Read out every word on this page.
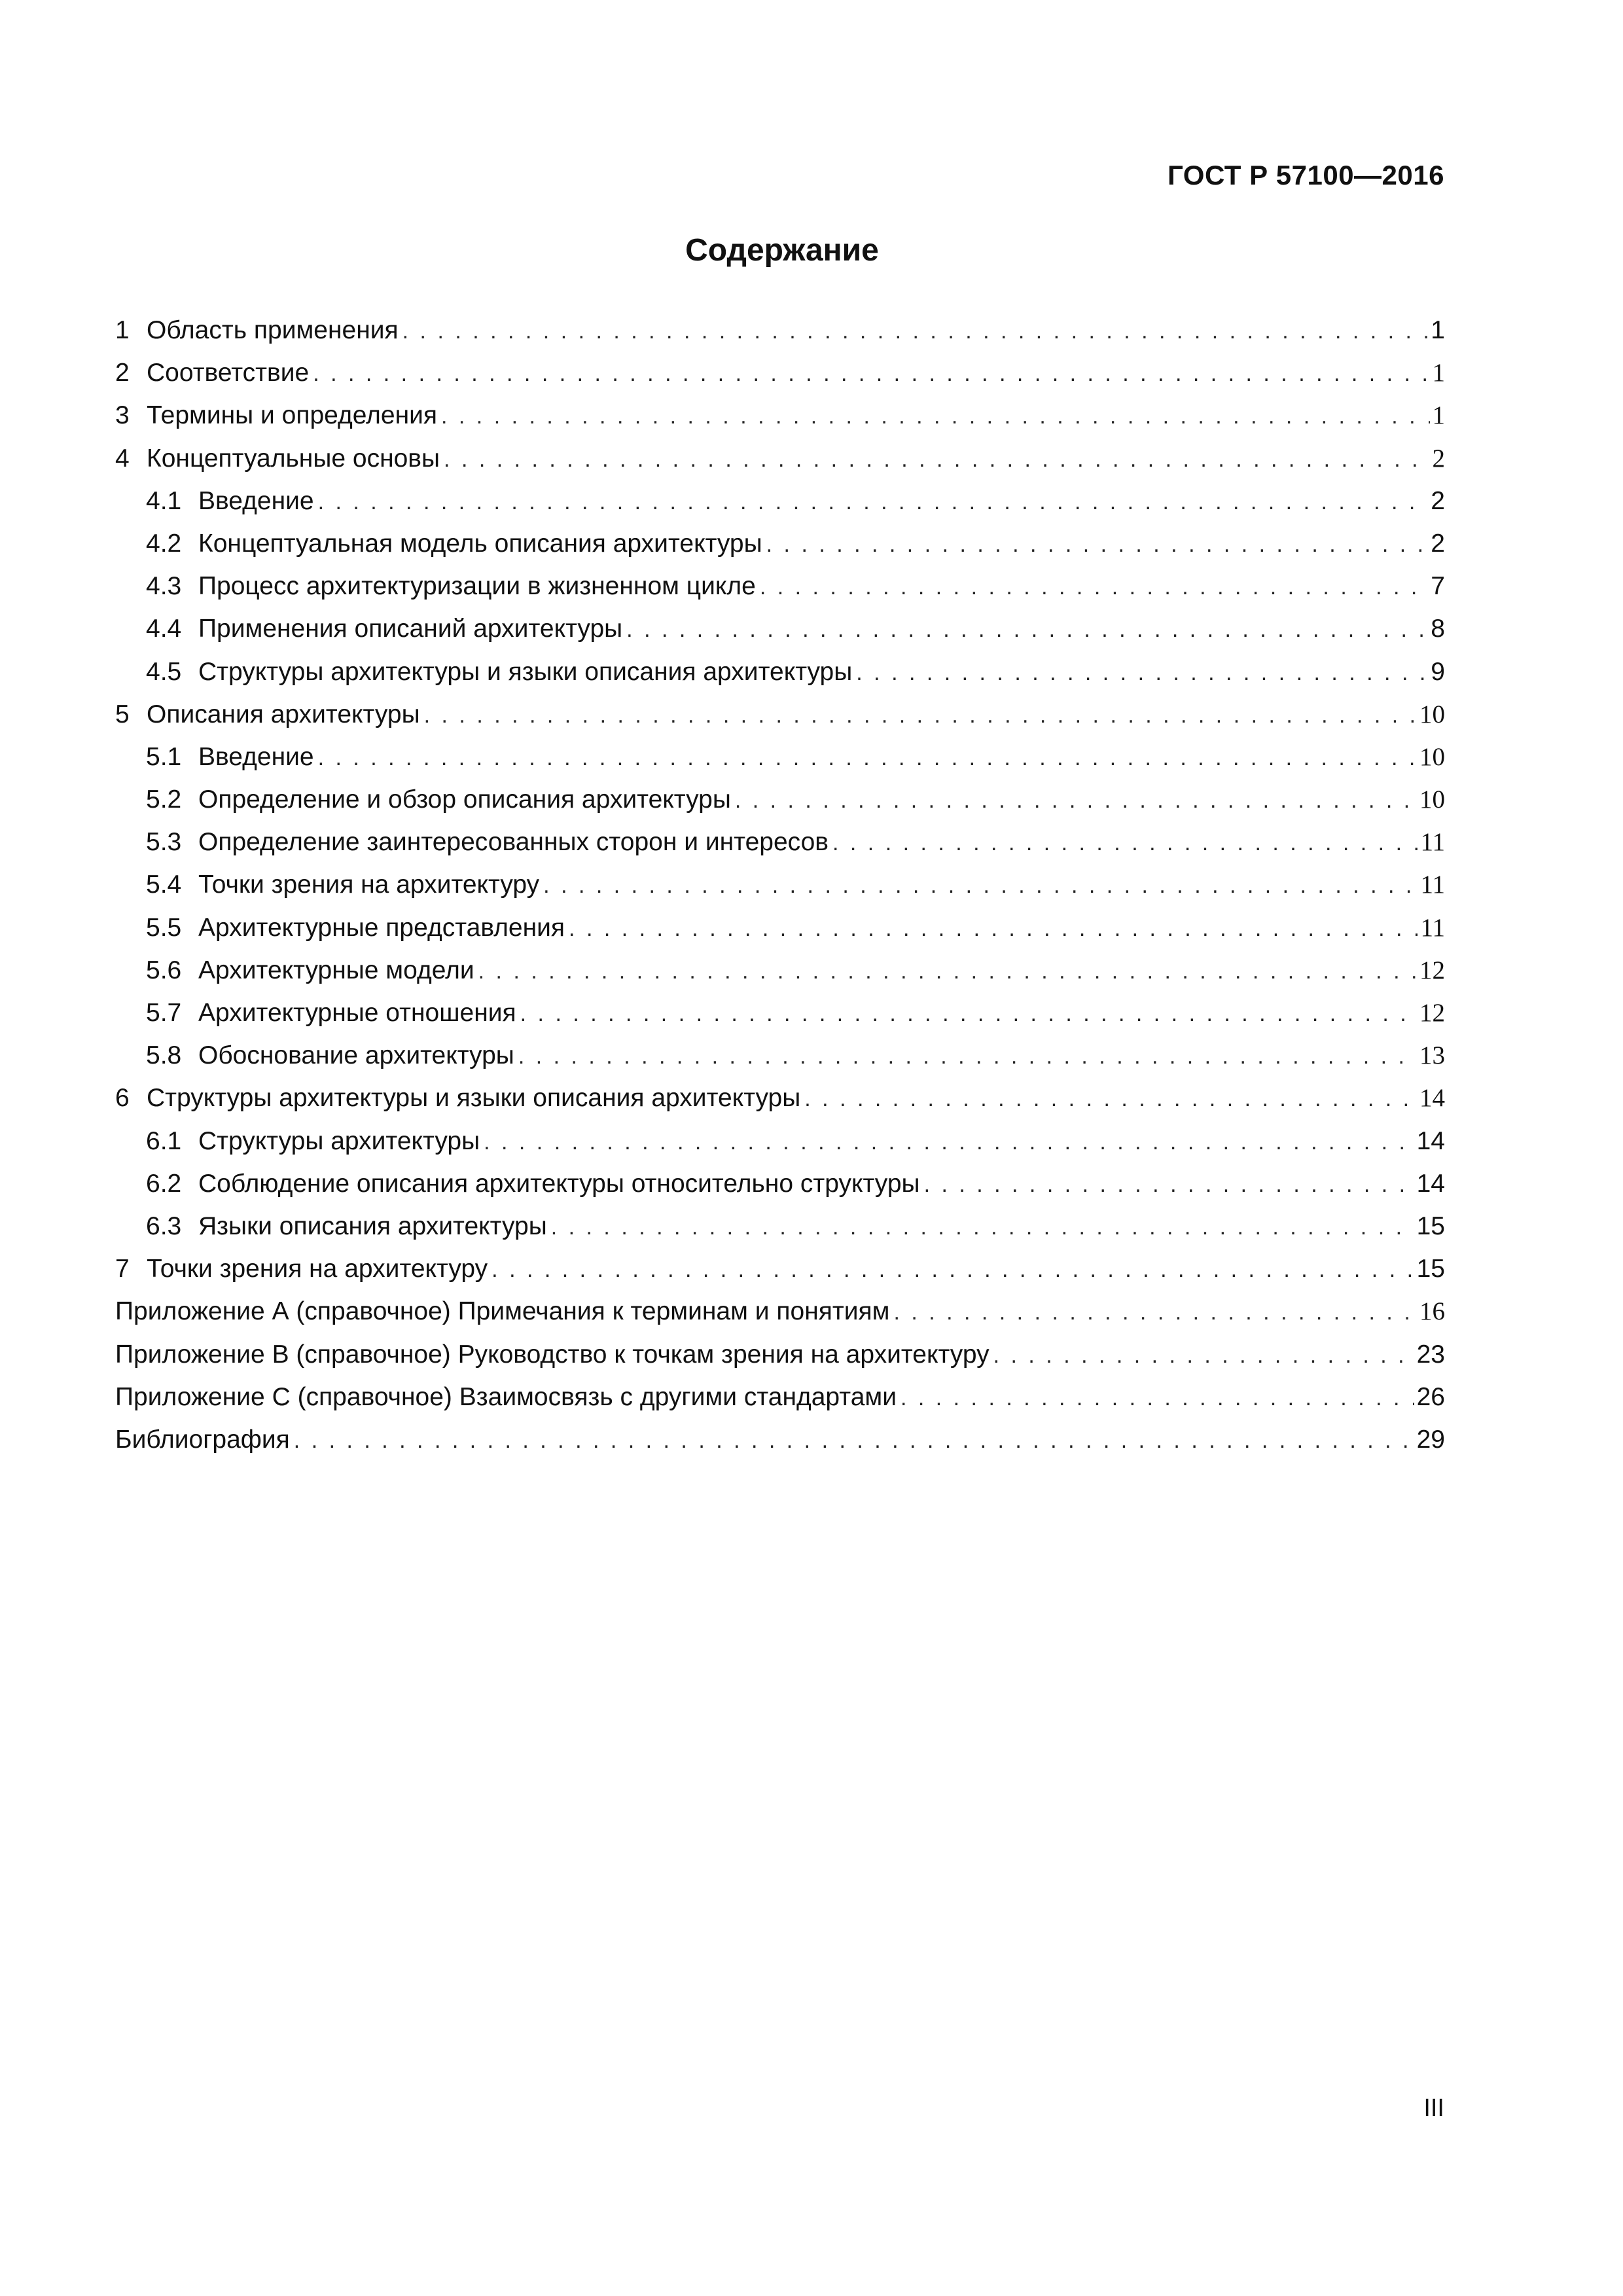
ГОСТ Р 57100—2016
Содержание
1 Область применения . . .	1
2 Соответствие . . .	1
3 Термины и определения . . .	1
4 Концептуальные основы . . .	2
4.1 Введение . . .	2
4.2 Концептуальная модель описания архитектуры . . .	2
4.3 Процесс архитектуризации в жизненном цикле . . .	7
4.4 Применения описаний архитектуры . . .	8
4.5 Структуры архитектуры и языки описания архитектуры . . .	9
5 Описания архитектуры . . .	10
5.1 Введение . . .	10
5.2 Определение и обзор описания архитектуры . . .	10
5.3 Определение заинтересованных сторон и интересов . . .	11
5.4 Точки зрения на архитектуру . . .	11
5.5 Архитектурные представления . . .	11
5.6 Архитектурные модели . . .	12
5.7 Архитектурные отношения . . .	12
5.8 Обоснование архитектуры . . .	13
6 Структуры архитектуры и языки описания архитектуры . . .	14
6.1 Структуры архитектуры . . .	14
6.2 Соблюдение описания архитектуры относительно структуры . . .	14
6.3 Языки описания архитектуры . . .	15
7 Точки зрения на архитектуру . . .	15
Приложение А (справочное) Примечания к терминам и понятиям . . .	16
Приложение В (справочное) Руководство к точкам зрения на архитектуру . . .	23
Приложение С (справочное) Взаимосвязь с другими стандартами . . .	26
Библиография . . .	29
III
